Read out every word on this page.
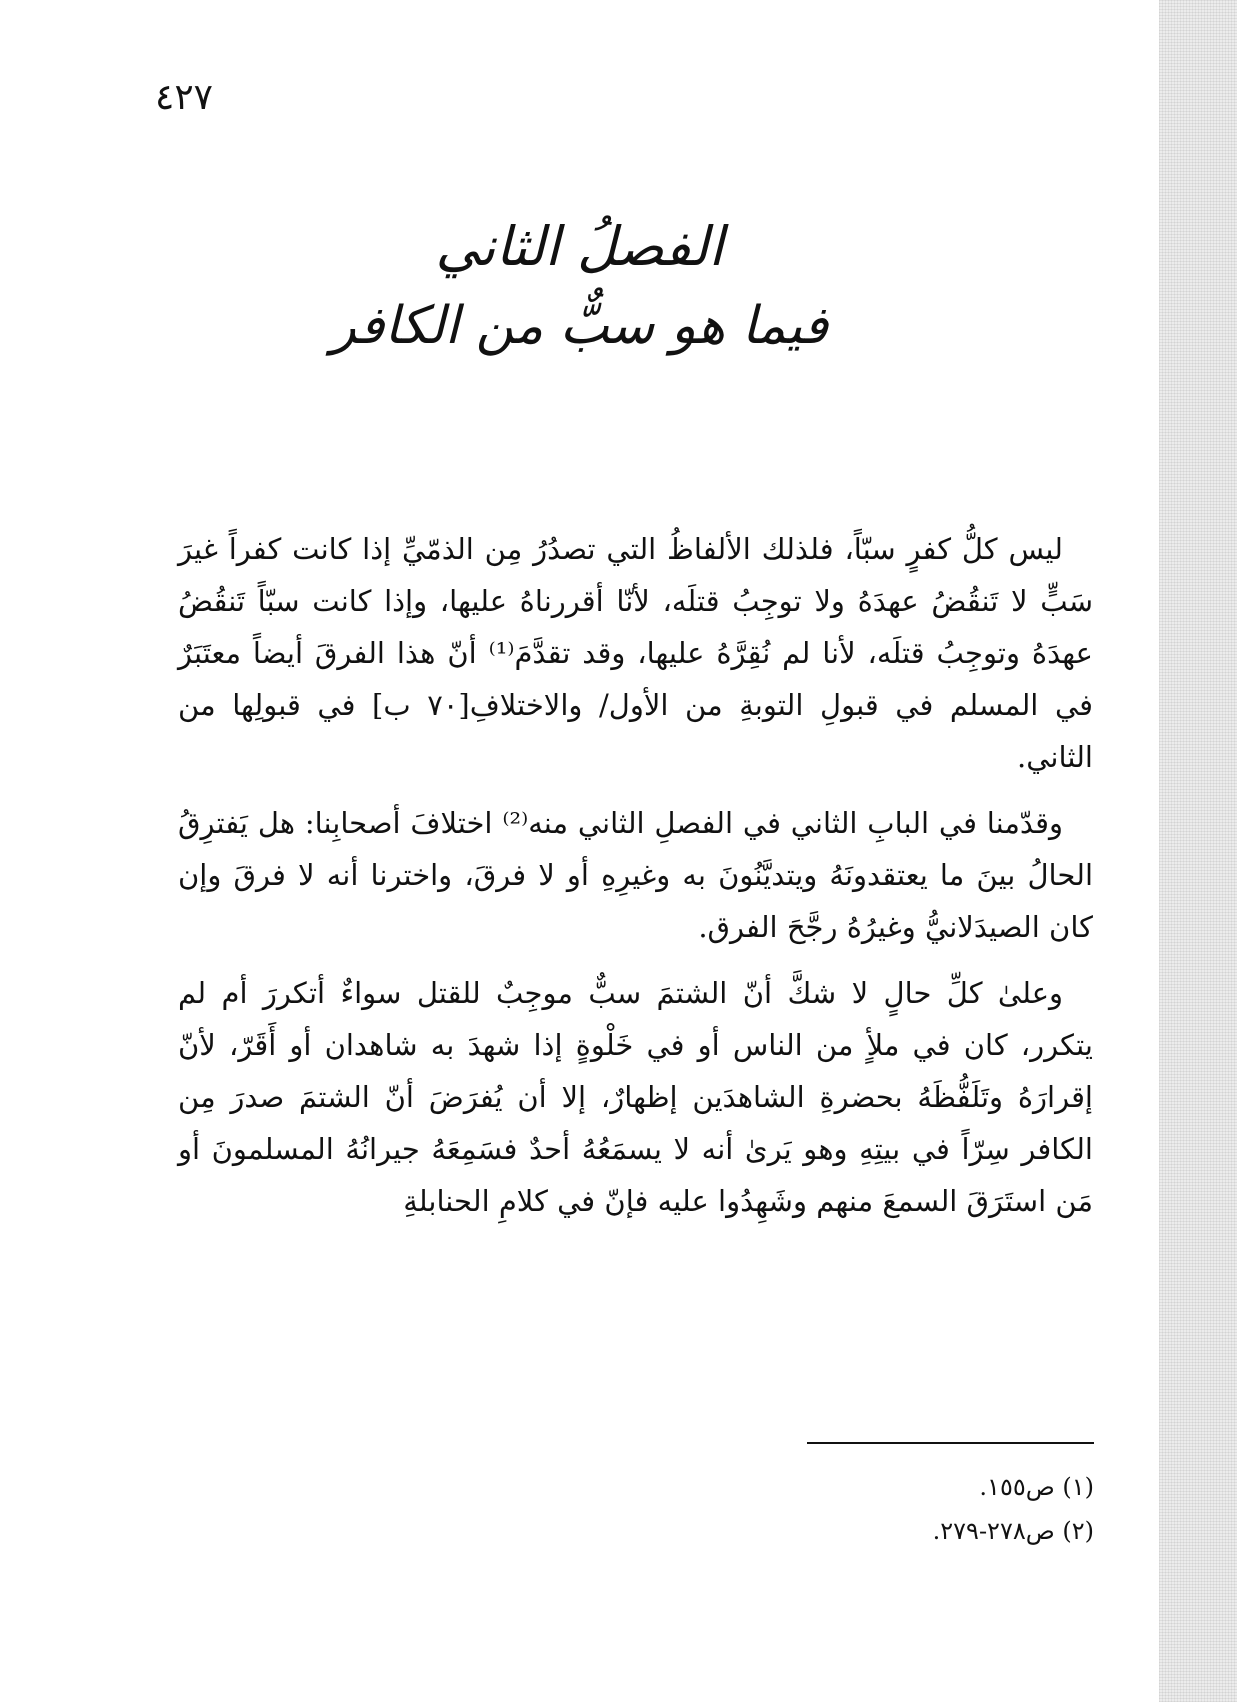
٤٢٧
الفصلُ الثاني
فيما هو سبٌّ من الكافر

ليس كلُّ كفرٍ سبّاً، فلذلك الألفاظُ التي تصدُرُ مِن الذمّيِّ إذا كانت كفراً غيرَ سَبٍّ لا تَنقُضُ عهدَهُ ولا توجِبُ قتلَه، لأنّا أقررناهُ عليها، وإذا كانت سبّاً تَنقُضُ عهدَهُ وتوجِبُ قتلَه، لأنا لم نُقِرَّهُ عليها، وقد تقدَّمَ⁽¹⁾ أنّ هذا الفرقَ أيضاً معتَبَرٌ في المسلم في قبولِ التوبةِ من الأول/ والاختلافِ[٧٠ ب] في قبولِها من الثاني.

وقدّمنا في البابِ الثاني في الفصلِ الثاني منه⁽²⁾ اختلافَ أصحابِنا: هل يَفترِقُ الحالُ بينَ ما يعتقدونَهُ ويتديَّنُونَ به وغيرِهِ أو لا فرقَ، واخترنا أنه لا فرقَ وإن كان الصيدَلانيُّ وغيرُهُ رجَّحَ الفرق.

وعلىٰ كلِّ حالٍ لا شكَّ أنّ الشتمَ سبٌّ موجِبٌ للقتل سواءٌ أتكررَ أم لم يتكرر، كان في ملأٍ من الناس أو في خَلْوةٍ إذا شهدَ به شاهدان أو أَقَرّ، لأنّ إقرارَهُ وتَلَفُّظَهُ بحضرةِ الشاهدَين إظهارٌ، إلا أن يُفرَضَ أنّ الشتمَ صدرَ مِن الكافر سِرّاً في بيتِهِ وهو يَرىٰ أنه لا يسمَعُهُ أحدٌ فسَمِعَهُ جيرانُهُ المسلمونَ أو مَن استَرَقَ السمعَ منهم وشَهِدُوا عليه فإنّ في كلامِ الحنابلةِ

(١) ص١٥٥.

(٢) ص٢٧٨-٢٧٩.
